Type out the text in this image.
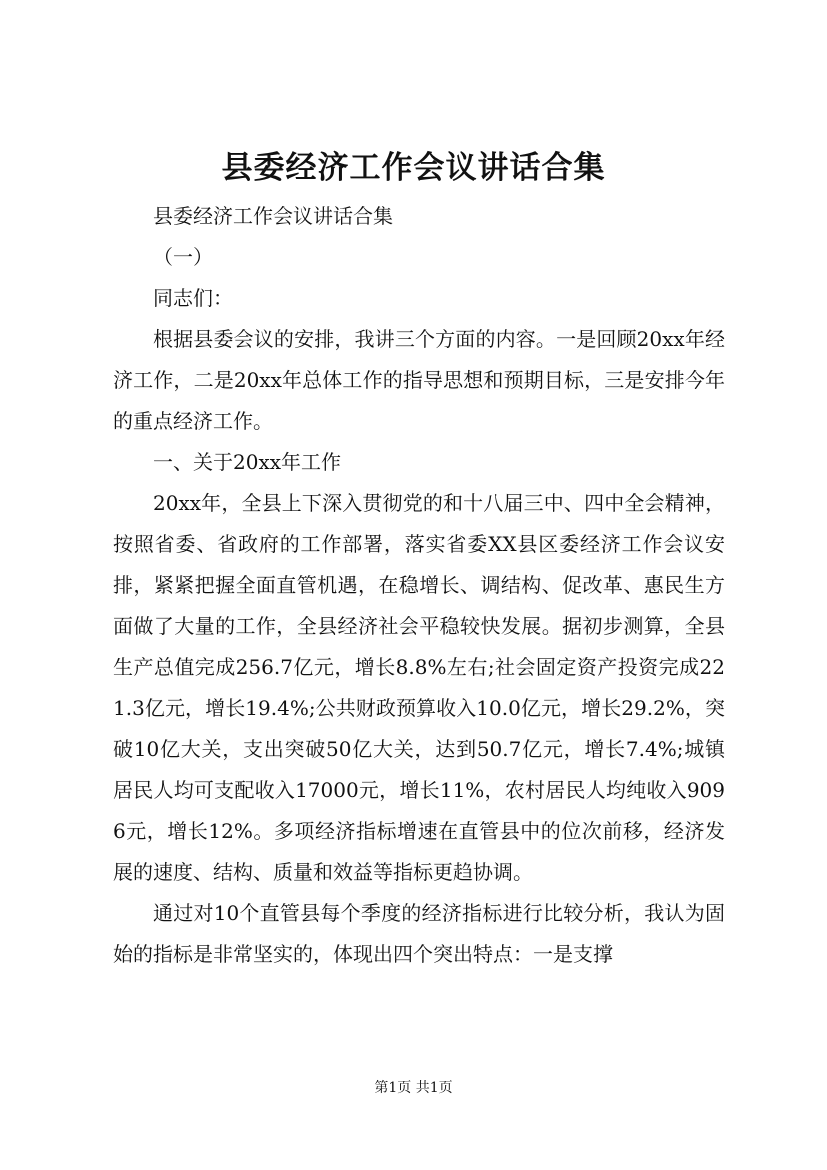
县委经济工作会议讲话合集

县委经济工作会议讲话合集

（一）

同志们：

根据县委会议的安排，我讲三个方面的内容。一是回顾20xx年经济工作，二是20xx年总体工作的指导思想和预期目标，三是安排今年的重点经济工作。

一、关于20xx年工作

20xx年，全县上下深入贯彻党的和十八届三中、四中全会精神，按照省委、省政府的工作部署，落实省委XX县区委经济工作会议安排，紧紧把握全面直管机遇，在稳增长、调结构、促改革、惠民生方面做了大量的工作，全县经济社会平稳较快发展。据初步测算，全县生产总值完成256.7亿元，增长8.8%左右;社会固定资产投资完成221.3亿元，增长19.4%;公共财政预算收入10.0亿元，增长29.2%，突破10亿大关，支出突破50亿大关，达到50.7亿元，增长7.4%;城镇居民人均可支配收入17000元，增长11%，农村居民人均纯收入9096元，增长12%。多项经济指标增速在直管县中的位次前移，经济发展的速度、结构、质量和效益等指标更趋协调。

通过对10个直管县每个季度的经济指标进行比较分析，我认为固始的指标是非常坚实的，体现出四个突出特点：一是支撑

第1页 共1页
